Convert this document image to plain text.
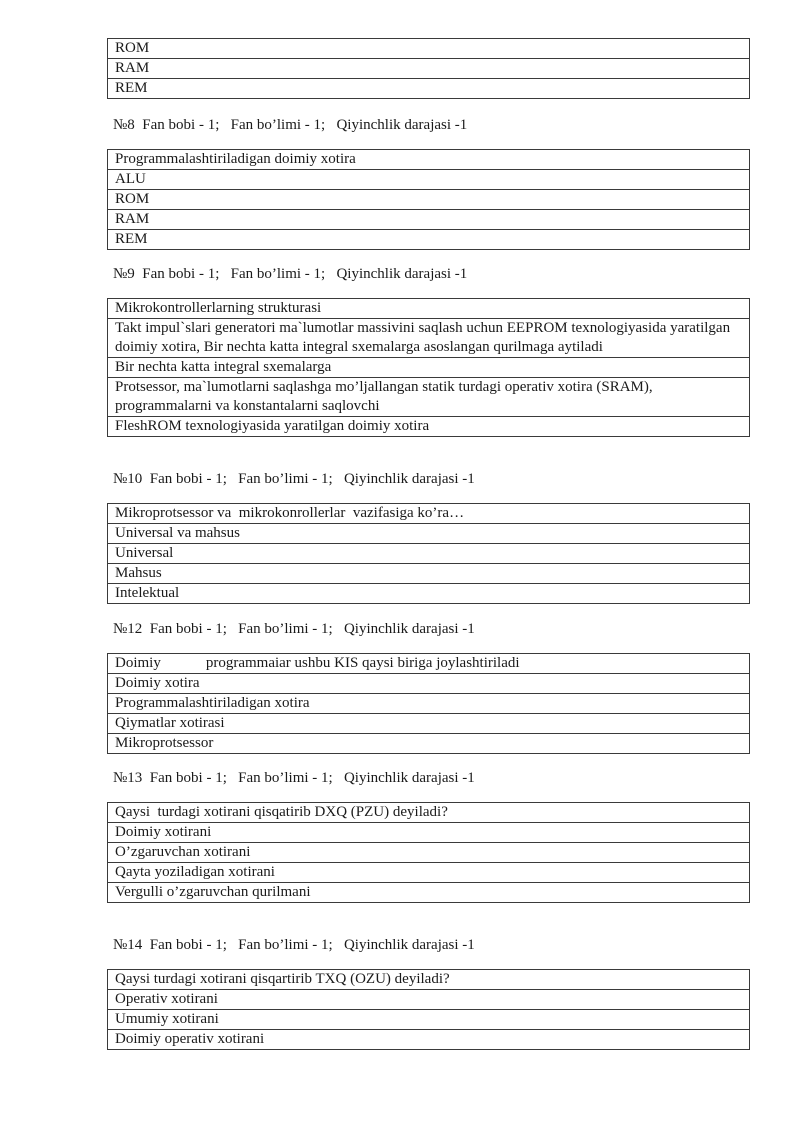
ROM
RAM
REM
№8  Fan bobi - 1;   Fan bo’limi - 1;   Qiyinchlik darajasi -1
Programmalashtiriladigan doimiy xotira
ALU
ROM
RAM
REM
№9  Fan bobi - 1;   Fan bo’limi - 1;   Qiyinchlik darajasi -1
Mikrokontrollerlarning strukturasi
Takt impul`slari generatori ma`lumotlar massivini saqlash uchun EEPROM texnologiyasida yaratilgan doimiy xotira, Bir nechta katta integral sxemalarga asoslangan qurilmaga aytiladi
Bir nechta katta integral sxemalarga
Protsessor, ma`lumotlarni saqlashga mo’ljallangan statik turdagi operativ xotira (SRAM), programmalarni va konstantalarni saqlovchi
FleshROM texnologiyasida yaratilgan doimiy xotira
№10  Fan bobi - 1;   Fan bo’limi - 1;   Qiyinchlik darajasi -1
Mikroprotsessor va  mikrokonrollerlar  vazifasiga ko’ra…
Universal va mahsus
Universal
Mahsus
Intelektual
№12  Fan bobi - 1;   Fan bo’limi - 1;   Qiyinchlik darajasi -1
Doimiy            programmaiar ushbu KIS qaysi biriga joylashtiriladi
Doimiy xotira
Programmalashtiriladigan xotira
Qiymatlar xotirasi
Mikroprotsessor
№13  Fan bobi - 1;   Fan bo’limi - 1;   Qiyinchlik darajasi -1
Qaysi  turdagi xotirani qisqatirib DXQ (PZU) deyiladi?
Doimiy xotirani
O’zgaruvchan xotirani
Qayta yoziladigan xotirani
Vergulli o’zgaruvchan qurilmani
№14  Fan bobi - 1;   Fan bo’limi - 1;   Qiyinchlik darajasi -1
Qaysi turdagi xotirani qisqartirib TXQ (OZU) deyiladi?
Operativ xotirani
Umumiy xotirani
Doimiy operativ xotirani
